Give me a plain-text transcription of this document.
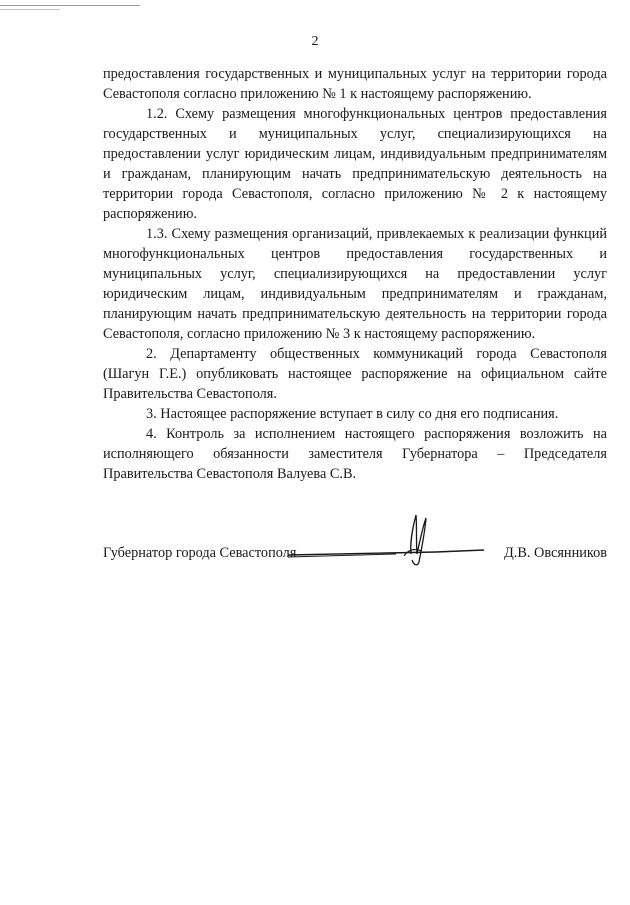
2

предоставления государственных и муниципальных услуг на территории города Севастополя согласно приложению № 1 к настоящему распоряжению.

1.2. Схему размещения многофункциональных центров предоставления государственных и муниципальных услуг, специализирующихся на предоставлении услуг юридическим лицам, индивидуальным предпринимателям и гражданам, планирующим начать предпринимательскую деятельность на территории города Севастополя, согласно приложению № 2 к настоящему распоряжению.

1.3. Схему размещения организаций, привлекаемых к реализации функций многофункциональных центров предоставления государственных и муниципальных услуг, специализирующихся на предоставлении услуг юридическим лицам, индивидуальным предпринимателям и гражданам, планирующим начать предпринимательскую деятельность на территории города Севастополя, согласно приложению № 3 к настоящему распоряжению.

2. Департаменту общественных коммуникаций города Севастополя (Шагун Г.Е.) опубликовать настоящее распоряжение на официальном сайте Правительства Севастополя.

3. Настоящее распоряжение вступает в силу со дня его подписания.

4. Контроль за исполнением настоящего распоряжения возложить на исполняющего обязанности заместителя Губернатора – Председателя Правительства Севастополя Валуева С.В.

Губернатор города Севастополя	Д.В. Овсянников
